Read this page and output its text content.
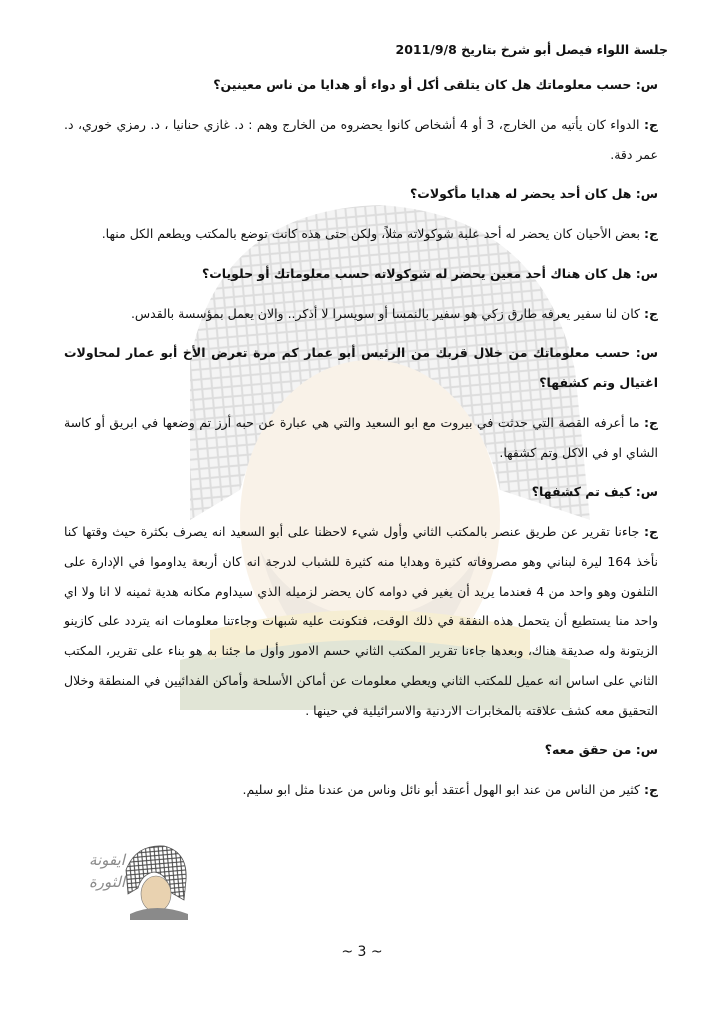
جلسة اللواء فيصل أبو شرخ بتاريخ 2011/9/8

س: حسب معلوماتك هل كان يتلقى أكل أو دواء أو هدايا من ناس معينين؟

ج: الدواء كان يأتيه من الخارج، 3 أو 4 أشخاص كانوا يحضروه من الخارج وهم : د. غازي حنانيا ، د. رمزي خوري، د. عمر دقة.

س: هل كان أحد يحضر له هدايا مأكولات؟

ج: بعض الأحيان كان يحضر له أحد علبة شوكولاته مثلاً، ولكن حتى هذه كانت توضع بالمكتب ويطعم الكل منها.

س: هل كان هناك أحد معين يحضر له شوكولاته حسب معلوماتك أو حلويات؟

ج: كان لنا سفير يعرفه طارق زكي هو سفير بالنمسا أو سويسرا لا أذكر.. والان يعمل بمؤسسة بالقدس.

س: حسب معلوماتك من خلال قربك من الرئيس أبو عمار كم مرة تعرض الأخ أبو عمار لمحاولات اغتيال وتم كشفها؟

ج: ما أعرفه القصة التي حدثت في بيروت مع ابو السعيد والتي هي عبارة عن حبه أرز تم وضعها في ابريق أو كاسة الشاي او في الاكل وتم كشفها.

س: كيف تم كشفها؟

ج: جاءنا تقرير عن طريق عنصر بالمكتب الثاني وأول شيء لاحظنا على أبو السعيد انه يصرف بكثرة حيث وقتها كنا نأخذ 164 ليرة لبناني وهو مصروفاته كثيرة وهدايا منه كثيرة للشباب لدرجة انه كان أربعة يداوموا في الإدارة على التلفون وهو واحد من 4 فعندما يريد أن يغير في دوامه كان يحضر لزميله الذي سيداوم مكانه هدية ثمينه لا انا ولا اي واحد منا يستطيع أن يتحمل هذه النفقة في ذلك الوقت، فتكونت عليه شبهات وجاءتنا معلومات انه يتردد على كازينو الزيتونة وله صديقة هناك، وبعدها جاءنا تقرير المكتب الثاني حسم الامور وأول ما جئنا به هو بناء على تقرير، المكتب الثاني على اساس انه عميل للمكتب الثاني ويعطي معلومات عن أماكن الأسلحة وأماكن الفدائيين في المنطقة وخلال التحقيق معه كشف علاقته بالمخابرات الاردنية والاسرائيلية في حينها .

س: من حقق معه؟

ج: كثير من الناس من عند ابو الهول أعتقد أبو نائل وناس من عندنا مثل ابو سليم.

ايقونة
الثورة
~ 3 ~
